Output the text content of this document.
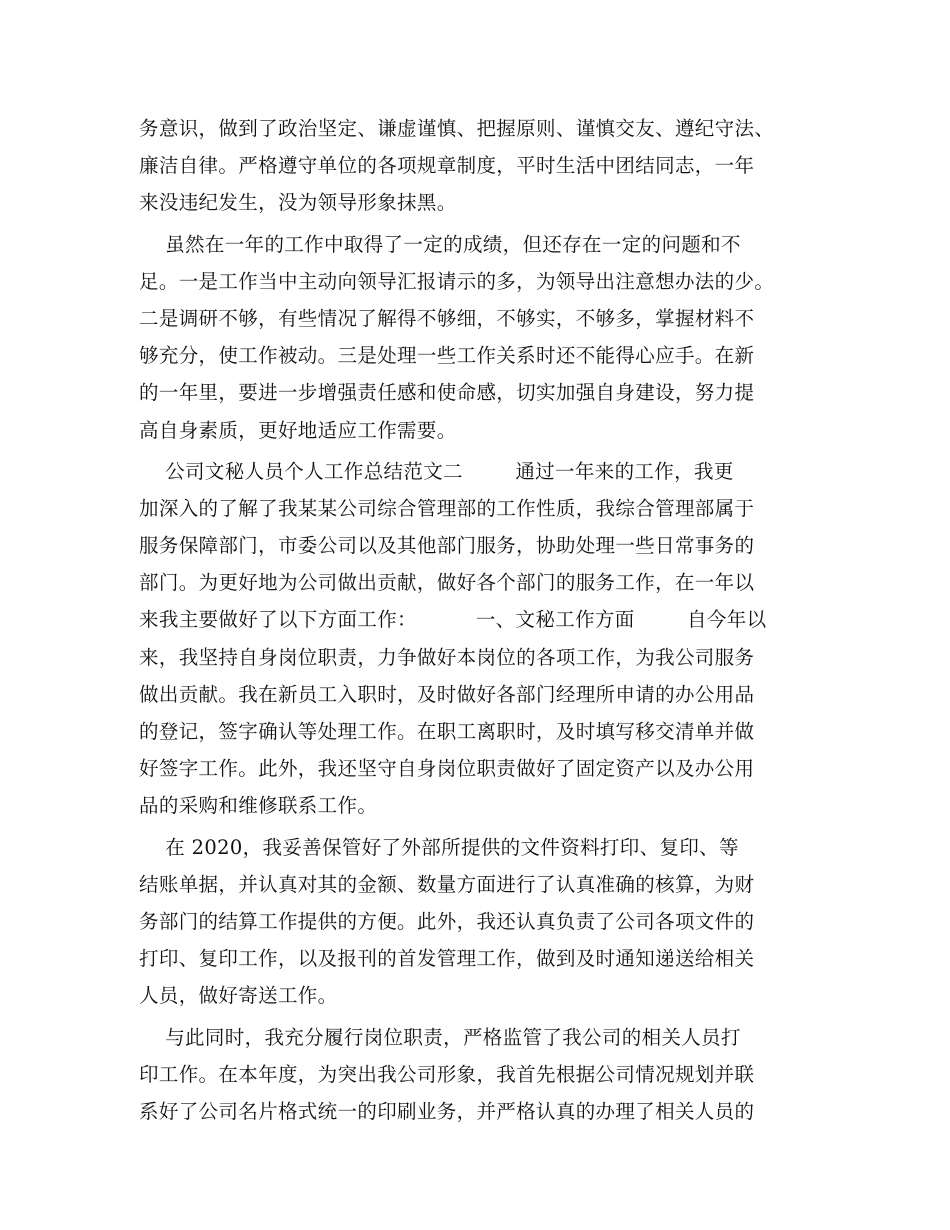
务意识，做到了政治坚定、谦虚谨慎、把握原则、谨慎交友、遵纪守法、
廉洁自律。严格遵守单位的各项规章制度，平时生活中团结同志，一年
来没违纪发生，没为领导形象抹黑。
虽然在一年的工作中取得了一定的成绩，但还存在一定的问题和不
足。一是工作当中主动向领导汇报请示的多，为领导出注意想办法的少。
二是调研不够，有些情况了解得不够细，不够实，不够多，掌握材料不
够充分，使工作被动。三是处理一些工作关系时还不能得心应手。在新
的一年里，要进一步增强责任感和使命感，切实加强自身建设，努力提
高自身素质，更好地适应工作需要。
公司文秘人员个人工作总结范文二        通过一年来的工作，我更
加深入的了解了我某某公司综合管理部的工作性质，我综合管理部属于
服务保障部门，市委公司以及其他部门服务，协助处理一些日常事务的
部门。为更好地为公司做出贡献，做好各个部门的服务工作，在一年以
来我主要做好了以下方面工作：         一、文秘工作方面        自今年以
来，我坚持自身岗位职责，力争做好本岗位的各项工作，为我公司服务
做出贡献。我在新员工入职时，及时做好各部门经理所申请的办公用品
的登记，签字确认等处理工作。在职工离职时，及时填写移交清单并做
好签字工作。此外，我还坚守自身岗位职责做好了固定资产以及办公用
品的采购和维修联系工作。
在 2020，我妥善保管好了外部所提供的文件资料打印、复印、等
结账单据，并认真对其的金额、数量方面进行了认真准确的核算，为财
务部门的结算工作提供的方便。此外，我还认真负责了公司各项文件的
打印、复印工作，以及报刊的首发管理工作，做到及时通知递送给相关
人员，做好寄送工作。
与此同时，我充分履行岗位职责，严格监管了我公司的相关人员打
印工作。在本年度，为突出我公司形象，我首先根据公司情况规划并联
系好了公司名片格式统一的印刷业务，并严格认真的办理了相关人员的
